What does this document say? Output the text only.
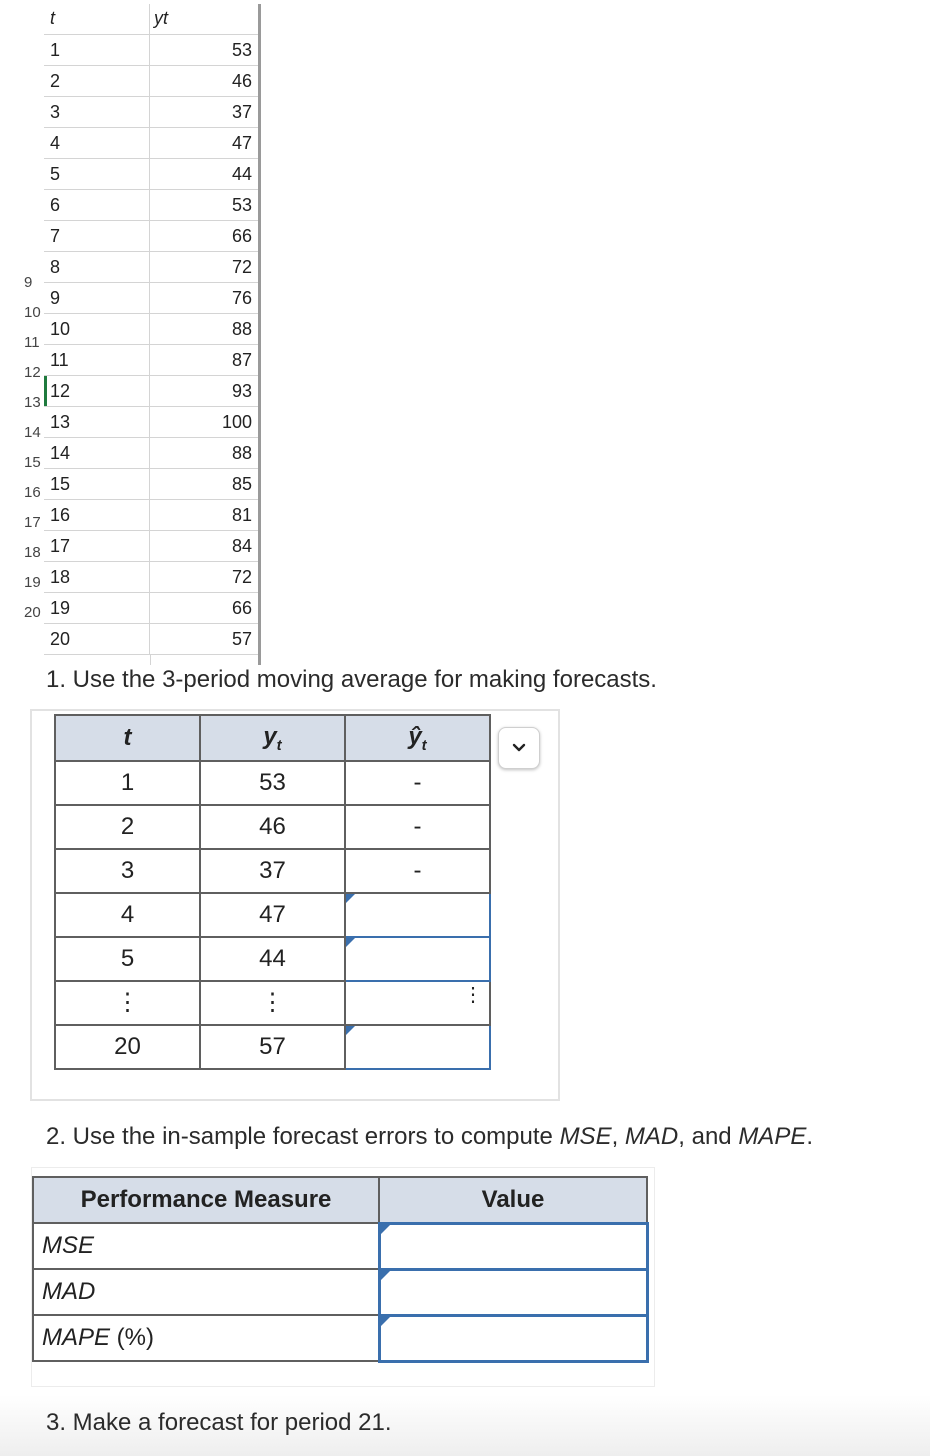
9
10
11
12
13
14
15
16
17
18
19
20
t	yt
1	53
2	46
3	37
4	47
5	44
6	53
7	66
8	72
9	76
10	88
11	87
12	93
13	100
14	88
15	85
16	81
17	84
18	72
19	66
20	57
1. Use the 3-period moving average for making forecasts.
t	$y_t$	$ŷ_t$
1	53	-
2	46	-
3	37	-
4	47	
5	44	
⋮	⋮	⋮

20	57	
2. Use the in-sample forecast errors to compute MSE, MAD, and MAPE.
Performance Measure	Value
MSE	
MAD	
MAPE (%)	
3. Make a forecast for period 21.
